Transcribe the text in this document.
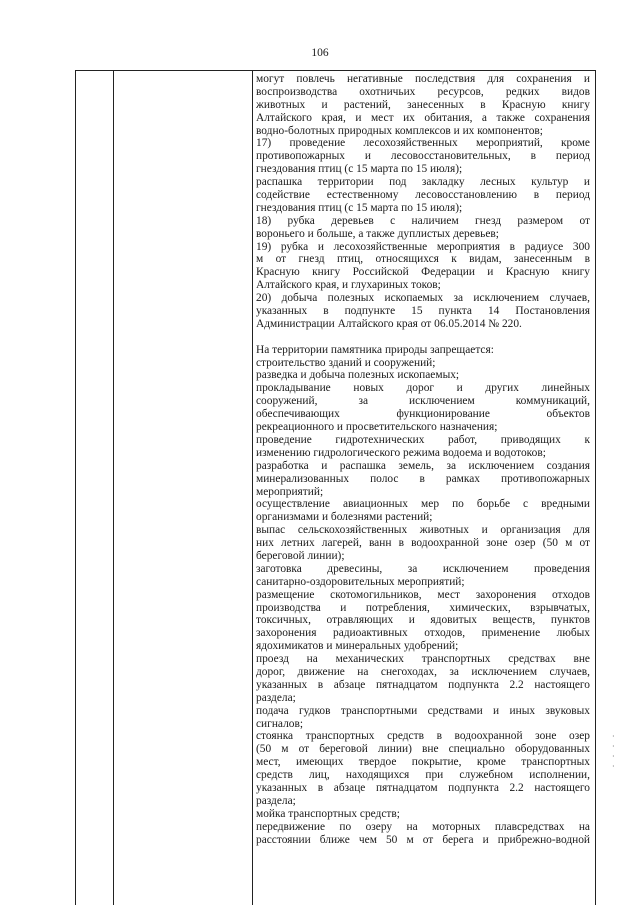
106
могут повлечь негативные последствия для сохранения и
воспроизводства охотничьих ресурсов, редких видов
животных и растений, занесенных в Красную книгу
Алтайского края, и мест их обитания, а также сохранения
водно-болотных природных комплексов и их компонентов;
17) проведение лесохозяйственных мероприятий, кроме
противопожарных и лесовосстановительных, в период
гнездования птиц (с 15 марта по 15 июля);
распашка территории под закладку лесных культур и
содействие естественному лесовосстановлению в период
гнездования птиц (с 15 марта по 15 июля);
18) рубка деревьев с наличием гнезд размером от
вороньего и больше, а также дуплистых деревьев;
19) рубка и лесохозяйственные мероприятия в радиусе 300
м от гнезд птиц, относящихся к видам, занесенным в
Красную книгу Российской Федерации и Красную книгу
Алтайского края, и глухариных токов;
20) добыча полезных ископаемых за исключением случаев,
указанных в подпункте 15 пункта 14 Постановления
Администрации Алтайского края от 06.05.2014 № 220.
На территории памятника природы запрещается:
строительство зданий и сооружений;
разведка и добыча полезных ископаемых;
прокладывание новых дорог и других линейных
сооружений, за исключением коммуникаций,
обеспечивающих функционирование объектов
рекреационного и просветительского назначения;
проведение гидротехнических работ, приводящих к
изменению гидрологического режима водоема и водотоков;
разработка и распашка земель, за исключением создания
минерализованных полос в рамках противопожарных
мероприятий;
осуществление авиационных мер по борьбе с вредными
организмами и болезнями растений;
выпас сельскохозяйственных животных и организация для
них летних лагерей, ванн в водоохранной зоне озер (50 м от
береговой линии);
заготовка древесины, за исключением проведения
санитарно-оздоровительных мероприятий;
размещение скотомогильников, мест захоронения отходов
производства и потребления, химических, взрывчатых,
токсичных, отравляющих и ядовитых веществ, пунктов
захоронения радиоактивных отходов, применение любых
ядохимикатов и минеральных удобрений;
проезд на механических транспортных средствах вне
дорог, движение на снегоходах, за исключением случаев,
указанных в абзаце пятнадцатом подпункта 2.2 настоящего
раздела;
подача гудков транспортными средствами и иных звуковых
сигналов;
стоянка транспортных средств в водоохранной зоне озер
(50 м от береговой линии) вне специально оборудованных
мест, имеющих твердое покрытие, кроме транспортных
средств лиц, находящихся при служебном исполнении,
указанных в абзаце пятнадцатом подпункта 2.2 настоящего
раздела;
мойка транспортных средств;
передвижение по озеру на моторных плавсредствах на
расстоянии ближе чем 50 м от берега и прибрежно-водной
·
·
·
·
